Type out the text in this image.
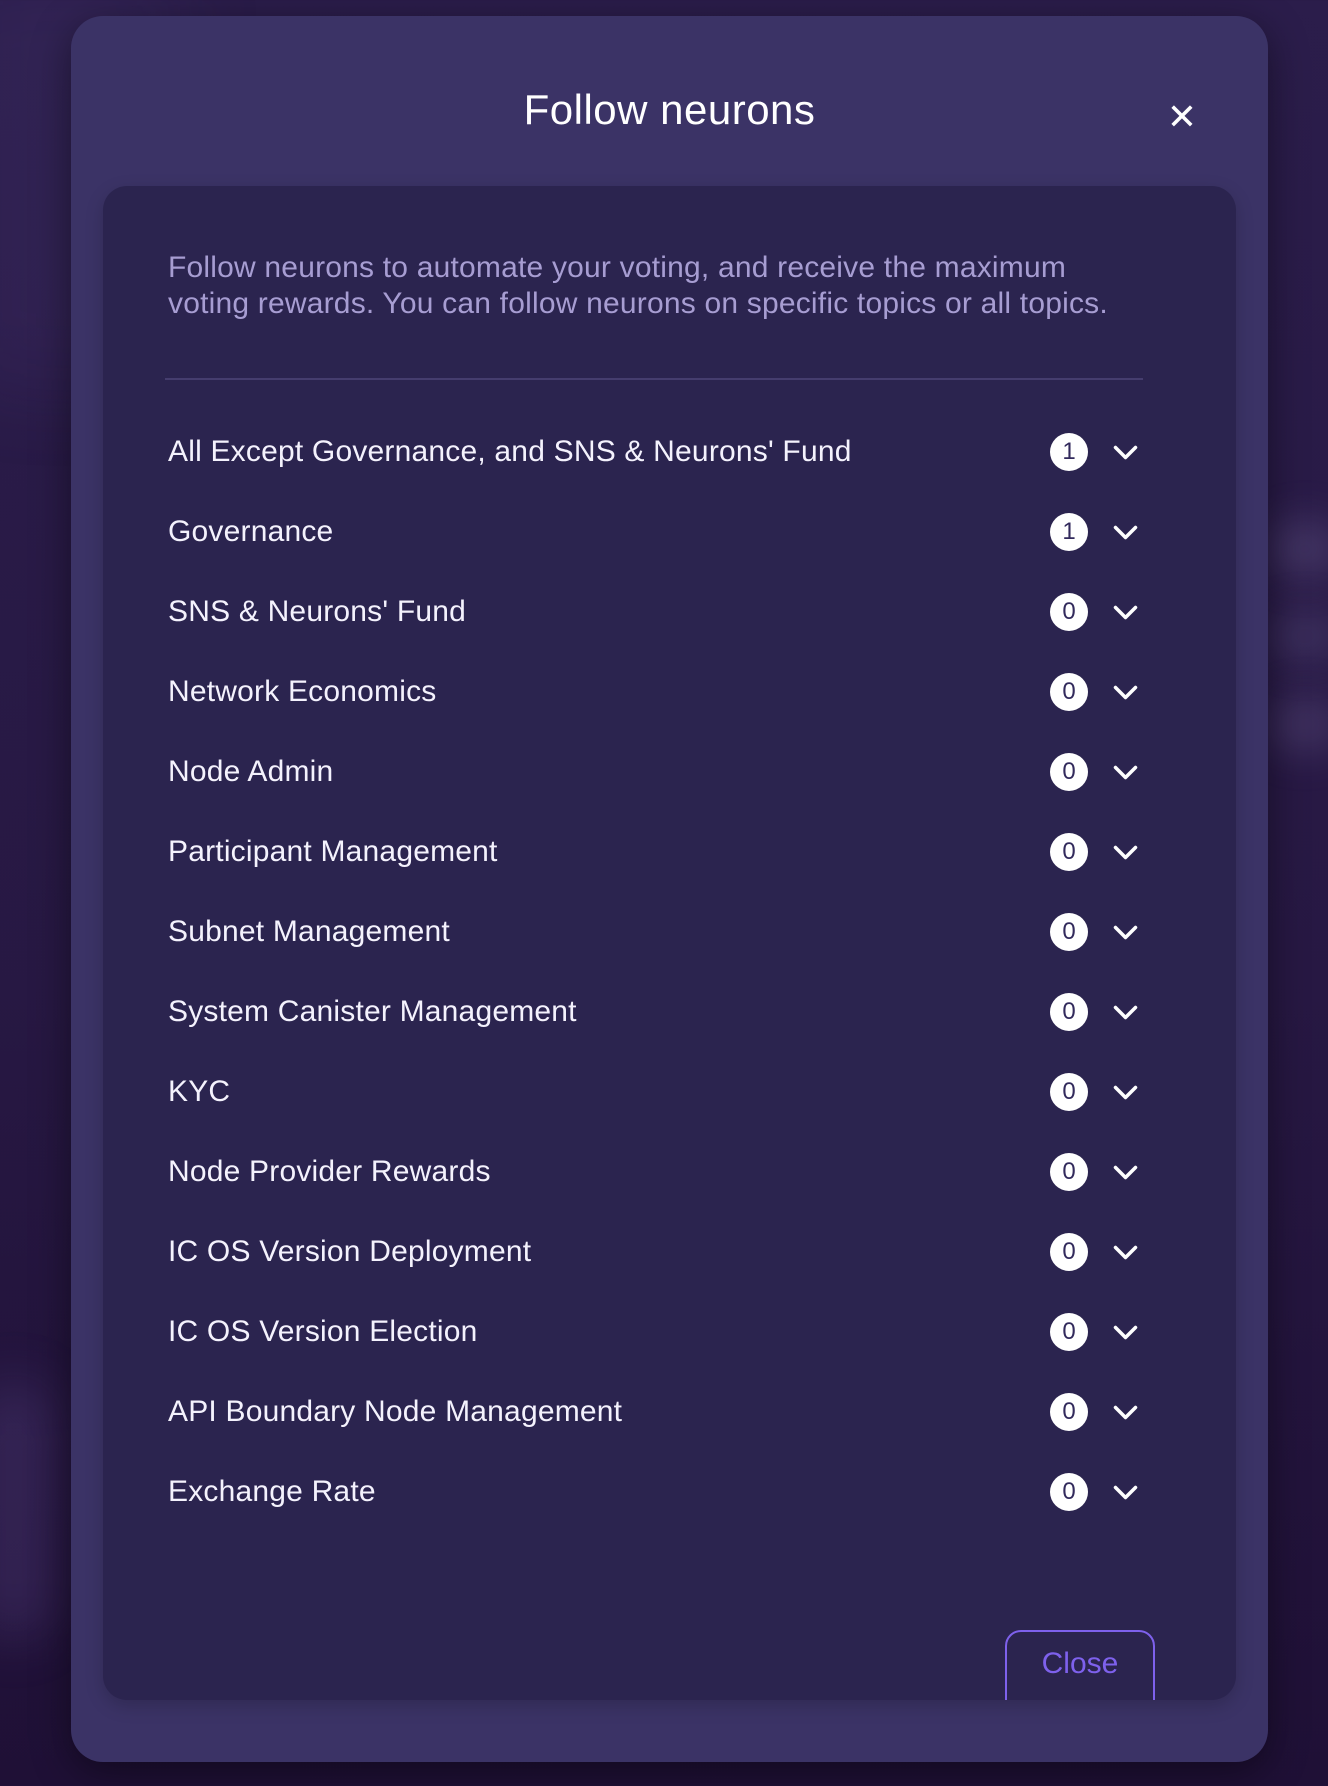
Follow neurons	✕

Follow neurons to automate your voting, and receive the maximum voting rewards. You can follow neurons on specific topics or all topics.

All Except Governance, and SNS & Neurons' Fund	1
Governance	1
SNS & Neurons' Fund	0
Network Economics	0
Node Admin	0
Participant Management	0
Subnet Management	0
System Canister Management	0
KYC	0
Node Provider Rewards	0
IC OS Version Deployment	0
IC OS Version Election	0
API Boundary Node Management	0
Exchange Rate	0
Close
